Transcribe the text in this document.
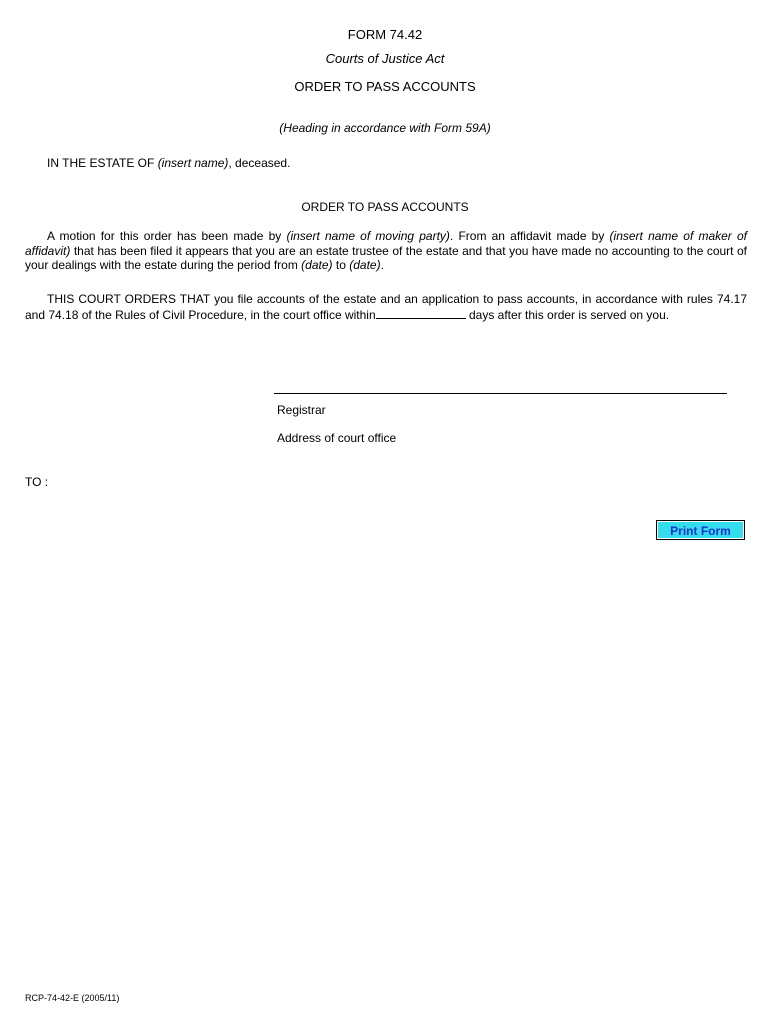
FORM 74.42
Courts of Justice Act
ORDER TO PASS ACCOUNTS
(Heading in accordance with Form 59A)
IN THE ESTATE OF (insert name), deceased.
ORDER TO PASS ACCOUNTS
A motion for this order has been made by (insert name of moving party). From an affidavit made by (insert name of maker of affidavit) that has been filed it appears that you are an estate trustee of the estate and that you have made no accounting to the court of your dealings with the estate during the period from (date) to (date).
THIS COURT ORDERS THAT you file accounts of the estate and an application to pass accounts, in accordance with rules 74.17 and 74.18 of the Rules of Civil Procedure, in the court office within	days after this order is served on you.
Registrar
Address of court office
TO :
Print Form
RCP-74-42-E (2005/11)
